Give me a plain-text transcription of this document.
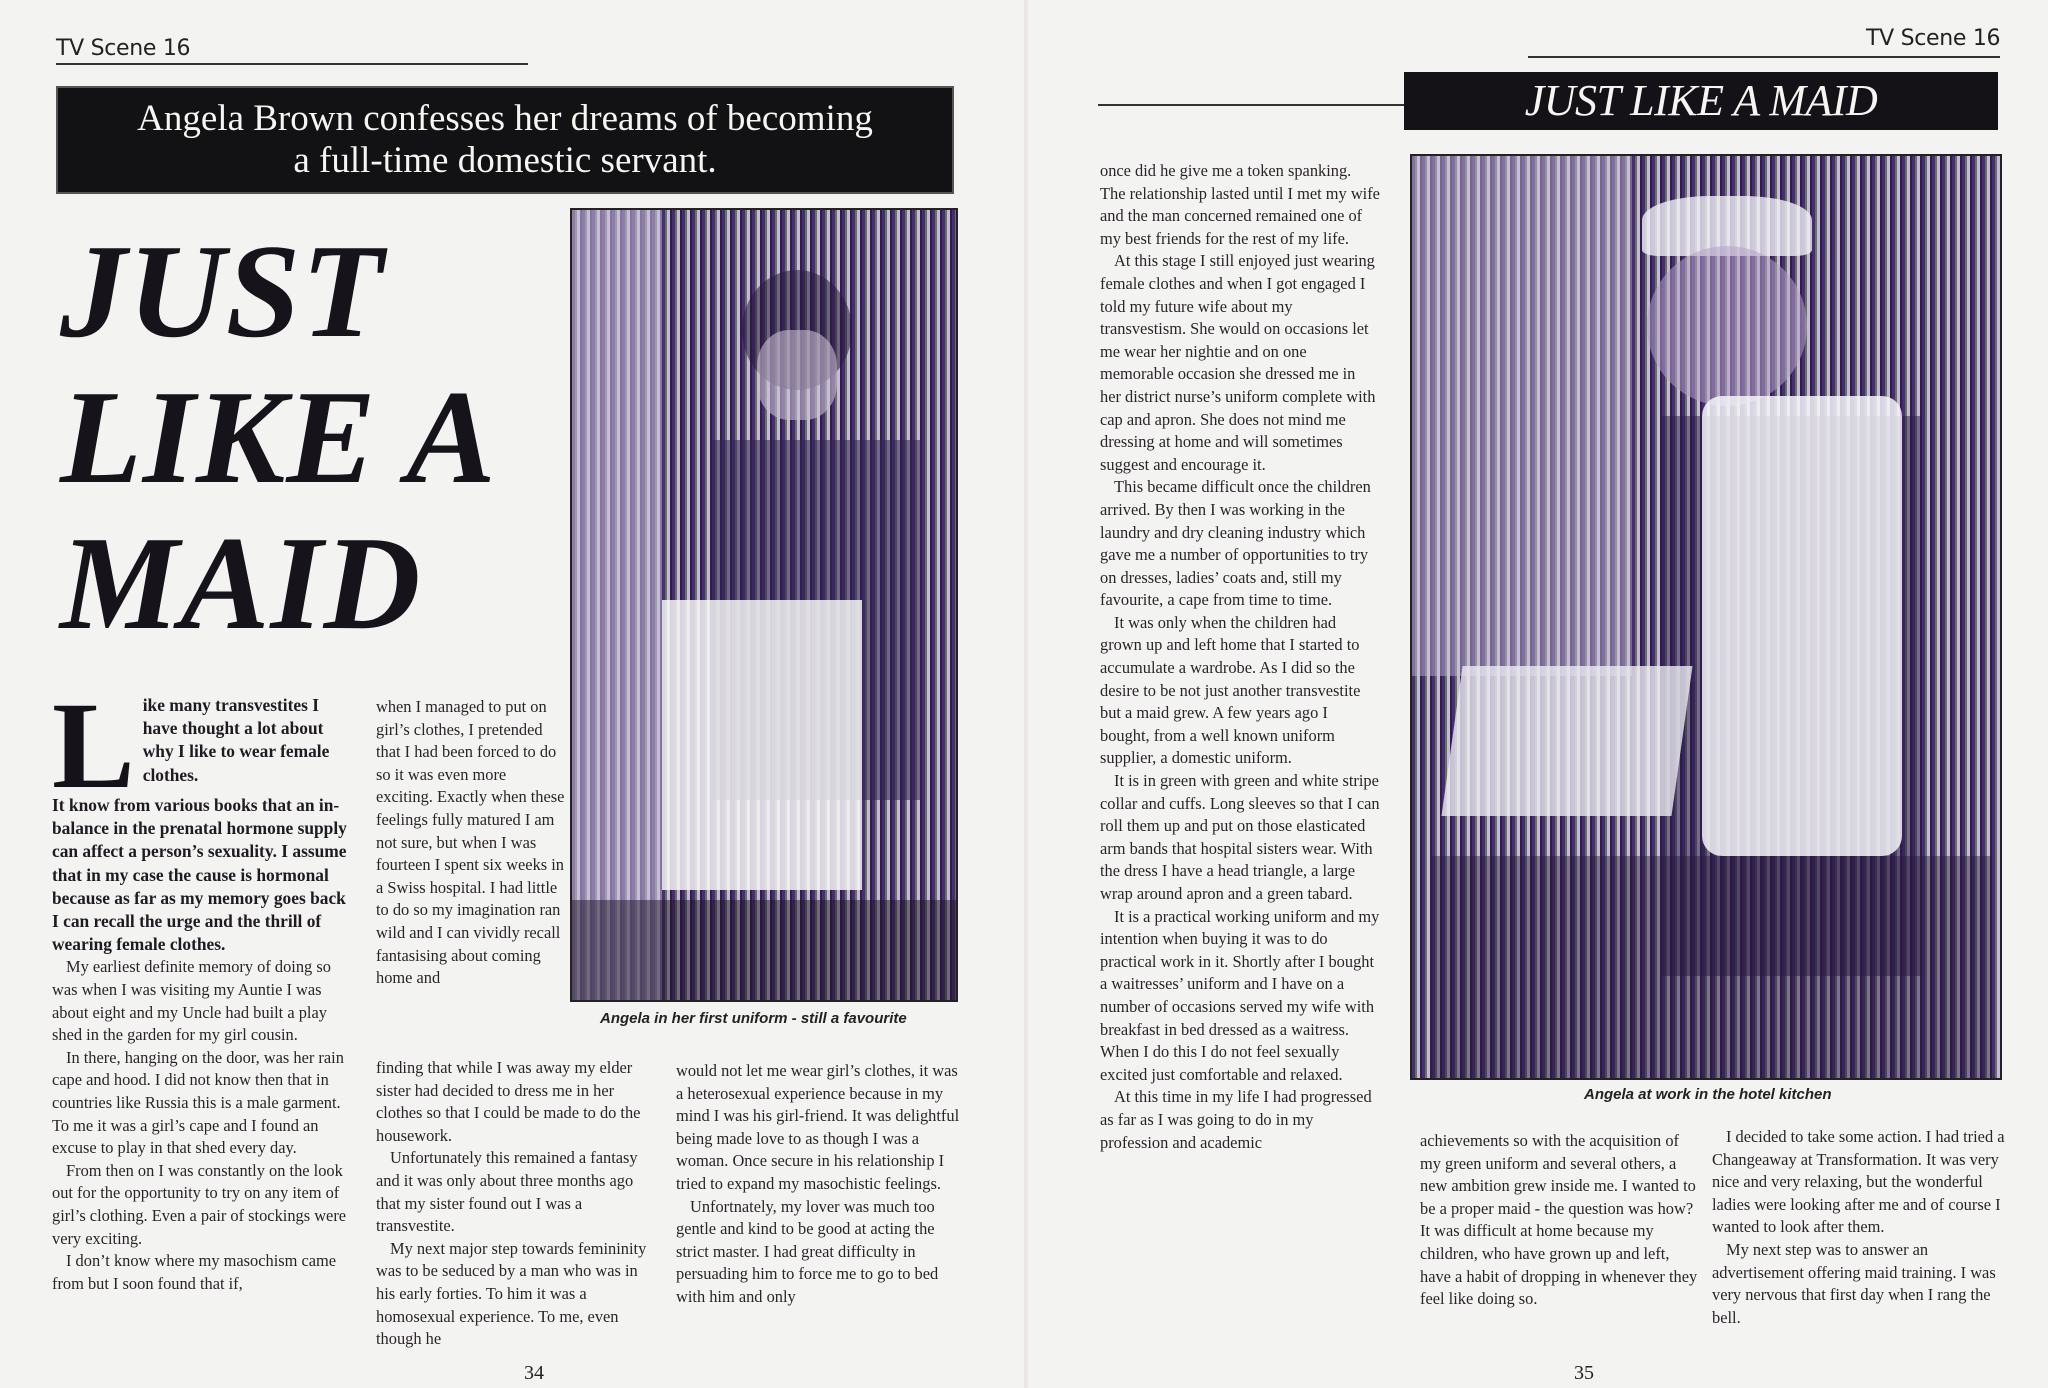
TV Scene 16
Angela Brown confesses her dreams of becoming
a full-time domestic servant.
JUST
LIKE A
MAID
Angela in her first uniform - still a favourite
L ike many transvestites I have thought a lot about why I like to wear female clothes.
It know from various books that an in-balance in the prenatal hormone supply can affect a person’s sexuality. I assume that in my case the cause is hormonal because as far as my memory goes back I can recall the urge and the thrill of wearing female clothes.

My earliest definite memory of doing so was when I was visiting my Auntie I was about eight and my Uncle had built a play shed in the garden for my girl cousin.

In there, hanging on the door, was her rain cape and hood. I did not know then that in countries like Russia this is a male garment. To me it was a girl’s cape and I found an excuse to play in that shed every day.

From then on I was constantly on the look out for the opportunity to try on any item of girl’s clothing. Even a pair of stockings were very exciting.

I don’t know where my masochism came from but I soon found that if,

when I managed to put on girl’s clothes, I pretended that I had been forced to do so it was even more exciting. Exactly when these feelings fully matured I am not sure, but when I was fourteen I spent six weeks in a Swiss hospital. I had little to do so my imagination ran wild and I can vividly recall fantasising about coming home and

finding that while I was away my elder sister had decided to dress me in her clothes so that I could be made to do the housework.

Unfortunately this remained a fantasy and it was only about three months ago that my sister found out I was a transvestite.

My next major step towards femininity was to be seduced by a man who was in his early forties. To him it was a homosexual experience. To me, even though he

would not let me wear girl’s clothes, it was a heterosexual experience because in my mind I was his girl-friend. It was delightful being made love to as though I was a woman. Once secure in his relationship I tried to expand my masochistic feelings.

Unfortnately, my lover was much too gentle and kind to be good at acting the strict master. I had great difficulty in persuading him to force me to go to bed with him and only

34
TV Scene 16
JUST LIKE A MAID
Angela at work in the hotel kitchen

once did he give me a token spanking. The relationship lasted until I met my wife and the man concerned remained one of my best friends for the rest of my life.

At this stage I still enjoyed just wearing female clothes and when I got engaged I told my future wife about my transvestism. She would on occasions let me wear her nightie and on one memorable occasion she dressed me in her district nurse’s uniform complete with cap and apron. She does not mind me dressing at home and will sometimes suggest and encourage it.

This became difficult once the children arrived. By then I was working in the laundry and dry cleaning industry which gave me a number of opportunities to try on dresses, ladies’ coats and, still my favourite, a cape from time to time.

It was only when the children had grown up and left home that I started to accumulate a wardrobe. As I did so the desire to be not just another transvestite but a maid grew. A few years ago I bought, from a well known uniform supplier, a domestic uniform.

It is in green with green and white stripe collar and cuffs. Long sleeves so that I can roll them up and put on those elasticated arm bands that hospital sisters wear. With the dress I have a head triangle, a large wrap around apron and a green tabard.

It is a practical working uniform and my intention when buying it was to do practical work in it. Shortly after I bought a waitresses’ uniform and I have on a number of occasions served my wife with breakfast in bed dressed as a waitress. When I do this I do not feel sexually excited just comfortable and relaxed.

At this time in my life I had progressed as far as I was going to do in my profession and academic	achievements so with the acquisition of my green uniform and several others, a new ambition grew inside me. I wanted to be a proper maid - the question was how? It was difficult at home because my children, who have grown up and left, have a habit of dropping in whenever they feel like doing so.

I decided to take some action. I had tried a Changeaway at Transformation. It was very nice and very relaxing, but the wonderful ladies were looking after me and of course I wanted to look after them.

My next step was to answer an advertisement offering maid training. I was very nervous that first day when I rang the bell.

35
